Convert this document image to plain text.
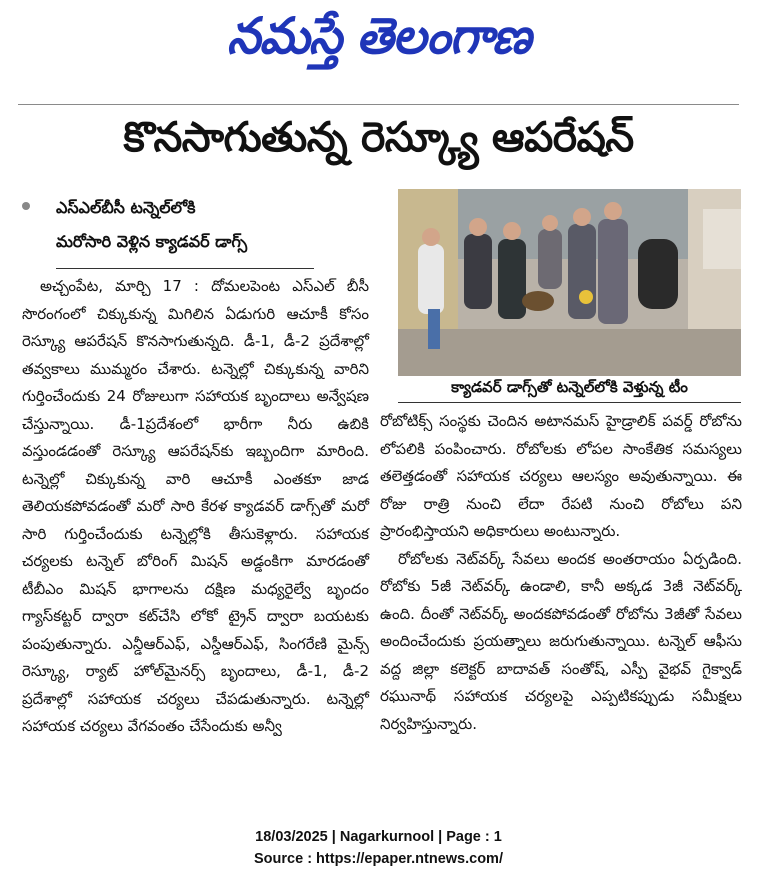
నమస్తే తెలంగాణ
కొనసాగుతున్న రెస్క్యూ ఆపరేషన్
ఎస్ఎల్‌బీసీ టన్నెల్‌లోకి
మరోసారి వెళ్లిన క్యాడవర్ డాగ్స్
క్యాడవర్ డాగ్స్‌తో టన్నెల్‌లోకి వెళ్తున్న టీం

అచ్చంపేట, మార్చి 17 : దోమలపెంట ఎస్ఎల్ బీసీ సొరంగంలో చిక్కుకున్న మిగిలిన ఏడుగురి ఆచూకీ కోసం రెస్క్యూ ఆపరేషన్ కొనసాగుతున్నది. డీ-1, డీ-2 ప్రదేశాల్లో తవ్వకాలు ముమ్మరం చేశారు. టన్నెల్లో చిక్కుకున్న వారిని గుర్తించేందుకు 24 రోజులుగా సహాయక బృందాలు అన్వేషణ చేస్తున్నాయి. డీ-1ప్రదేశంలో భారీగా నీరు ఉబికి వస్తుండడంతో రెస్క్యూ ఆపరేషన్‌కు ఇబ్బందిగా మారింది. టన్నెల్లో చిక్కుకున్న వారి ఆచూకీ ఎంతకూ జాడ తెలియకపోవడంతో మరో సారి కేరళ క్యాడవర్ డాగ్స్‌తో మరో సారి గుర్తించేందుకు టన్నెల్లోకి తీసుకెళ్లారు. సహాయక చర్యలకు టన్నెల్ బోరింగ్ మిషన్ అడ్డంకిగా మారడంతో టీబీఎం మిషన్ భాగాలను దక్షిణ మధ్యరైల్వే బృందం గ్యాస్‌కట్టర్ ద్వారా కట్‌చేసి లోకో ట్రైన్ ద్వారా బయటకు పంపుతున్నారు. ఎన్డీఆర్ఎఫ్, ఎస్డీఆర్ఎఫ్, సింగరేణి మైన్స్ రెస్క్యూ, ర్యాట్ హోల్‌మైనర్స్ బృందాలు, డీ-1, డీ-2 ప్రదేశాల్లో సహాయక చర్యలు చేపడుతున్నారు. టన్నెల్లో సహాయక చర్యలు వేగవంతం చేసేందుకు అన్వీ

రోబోటిక్స్ సంస్థకు చెందిన అటానమస్ హైడ్రాలిక్ పవర్డ్ రోబోను లోపలికి పంపించారు. రోబోలకు లోపల సాంకేతిక సమస్యలు తలెత్తడంతో సహాయక చర్యలు ఆలస్యం అవుతున్నాయి. ఈ రోజు రాత్రి నుంచి లేదా రేపటి నుంచి రోబోలు పని ప్రారంభిస్తాయని అధికారులు అంటున్నారు.

రోబోలకు నెట్‌వర్క్ సేవలు అందక అంతరాయం ఏర్పడింది. రోబోకు 5జీ నెట్‌వర్క్ ఉండాలి, కానీ అక్కడ 3జీ నెట్‌వర్క్ ఉంది. దీంతో నెట్‌వర్క్ అందకపోవడంతో రోబోను 3జీతో సేవలు అందించేందుకు ప్రయత్నాలు జరుగుతున్నాయి. టన్నెల్ ఆఫీసు వద్ద జిల్లా కలెక్టర్ బాదావత్ సంతోష్, ఎస్పీ వైభవ్ గైక్వాడ్ రఘునాథ్ సహాయక చర్యలపై ఎప్పటికప్పుడు సమీక్షలు నిర్వహిస్తున్నారు.

18/03/2025 | Nagarkurnool | Page : 1
Source : https://epaper.ntnews.com/
